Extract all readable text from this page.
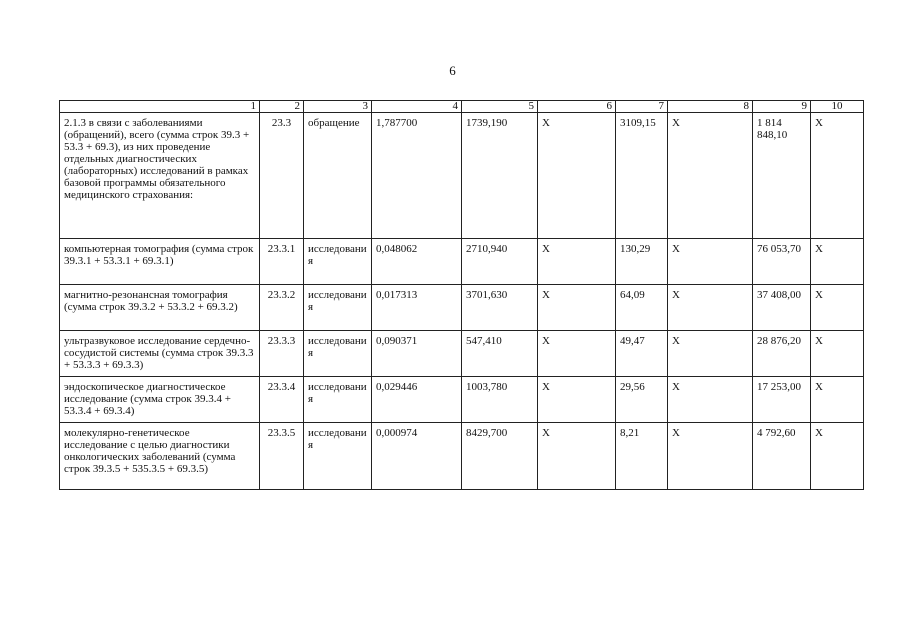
6
1	2	3	4	5	6	7	8	9	10
2.1.3 в связи с заболеваниями (обращений), всего (сумма строк 39.3 + 53.3 + 69.3), из них проведение отдельных диагностических (лабораторных) исследований в рамках базовой программы обязательного медицинского страхования:	23.3	обращение	1,787700	1739,190	X	3109,15	X	1 814 848,10	X
компьютерная томография (сумма строк 39.3.1 + 53.3.1 + 69.3.1)	23.3.1	исследования	0,048062	2710,940	X	130,29	X	76 053,70	X
магнитно-резонансная томография (сумма строк 39.3.2 + 53.3.2 + 69.3.2)	23.3.2	исследования	0,017313	3701,630	X	64,09	X	37 408,00	X
ультразвуковое исследование сердечно-сосудистой системы (сумма строк 39.3.3 + 53.3.3 + 69.3.3)	23.3.3	исследования	0,090371	547,410	X	49,47	X	28 876,20	X
эндоскопическое диагностическое исследование (сумма строк 39.3.4 + 53.3.4 + 69.3.4)	23.3.4	исследования	0,029446	1003,780	X	29,56	X	17 253,00	X
молекулярно-генетическое исследование с целью диагностики онкологических заболеваний (сумма строк 39.3.5 + 535.3.5 + 69.3.5)	23.3.5	исследования	0,000974	8429,700	X	8,21	X	4 792,60	X
